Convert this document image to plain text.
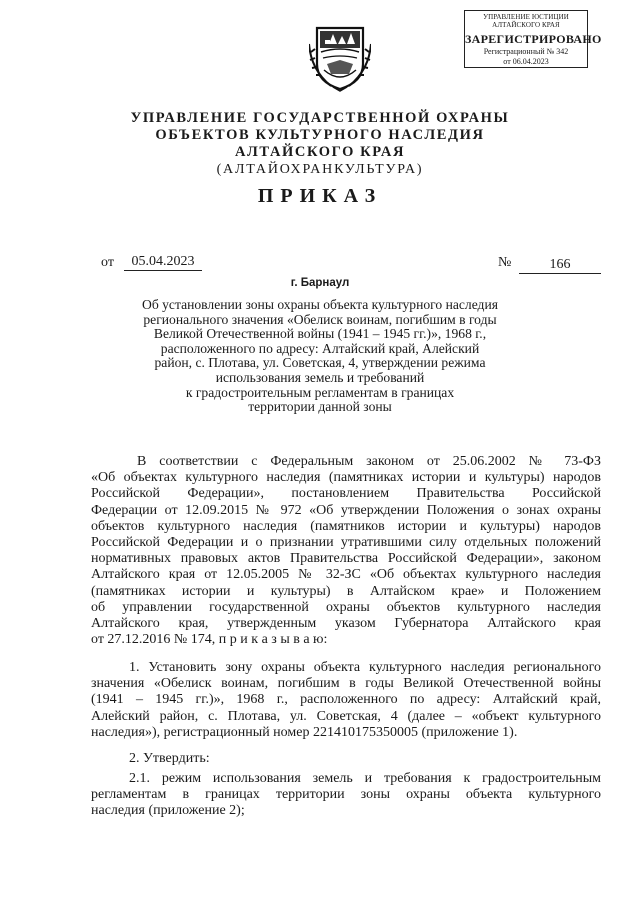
УПРАВЛЕНИЕ ЮСТИЦИИ
АЛТАЙСКОГО КРАЯ
ЗАРЕГИСТРИРОВАНО
Регистрационный № 342
от 06.04.2023
УПРАВЛЕНИЕ ГОСУДАРСТВЕННОЙ ОХРАНЫ
ОБЪЕКТОВ КУЛЬТУРНОГО НАСЛЕДИЯ
АЛТАЙСКОГО КРАЯ
(АЛТАЙОХРАНКУЛЬТУРА)
ПРИКАЗ
от	05.04.2023	№	166
г. Барнаул
Об установлении зоны охраны объекта культурного наследия
регионального значения «Обелиск воинам, погибшим в годы
Великой Отечественной войны (1941 – 1945 гг.)», 1968 г.,
расположенного по адресу: Алтайский край, Алейский
район, с. Плотава, ул. Советская, 4, утверждении режима
использования земель и требований
к градостроительным регламентам в границах
территории данной зоны
В соответствии с Федеральным законом от 25.06.2002 № 73-ФЗ
«Об объектах культурного наследия (памятниках истории и культуры) народов
Российской Федерации», постановлением Правительства Российской
Федерации от 12.09.2015 № 972 «Об утверждении Положения о зонах охраны
объектов культурного наследия (памятников истории и культуры) народов
Российской Федерации и о признании утратившими силу отдельных положений
нормативных правовых актов Правительства Российской Федерации», законом
Алтайского края от 12.05.2005 № 32-ЗС «Об объектах культурного наследия
(памятниках истории и культуры) в Алтайском крае» и Положением
об управлении государственной охраны объектов культурного наследия
Алтайского края, утвержденным указом Губернатора Алтайского края
от 27.12.2016 № 174, п р и к а з ы в а ю:
1. Установить зону охраны объекта культурного наследия регионального
значения «Обелиск воинам, погибшим в годы Великой Отечественной войны
(1941 – 1945 гг.)», 1968 г., расположенного по адресу: Алтайский край,
Алейский район, с. Плотава, ул. Советская, 4 (далее – «объект культурного
наследия»), регистрационный номер 221410175350005 (приложение 1).
2. Утвердить:
2.1. режим использования земель и требования к градостроительным
регламентам в границах территории зоны охраны объекта культурного
наследия (приложение 2);
